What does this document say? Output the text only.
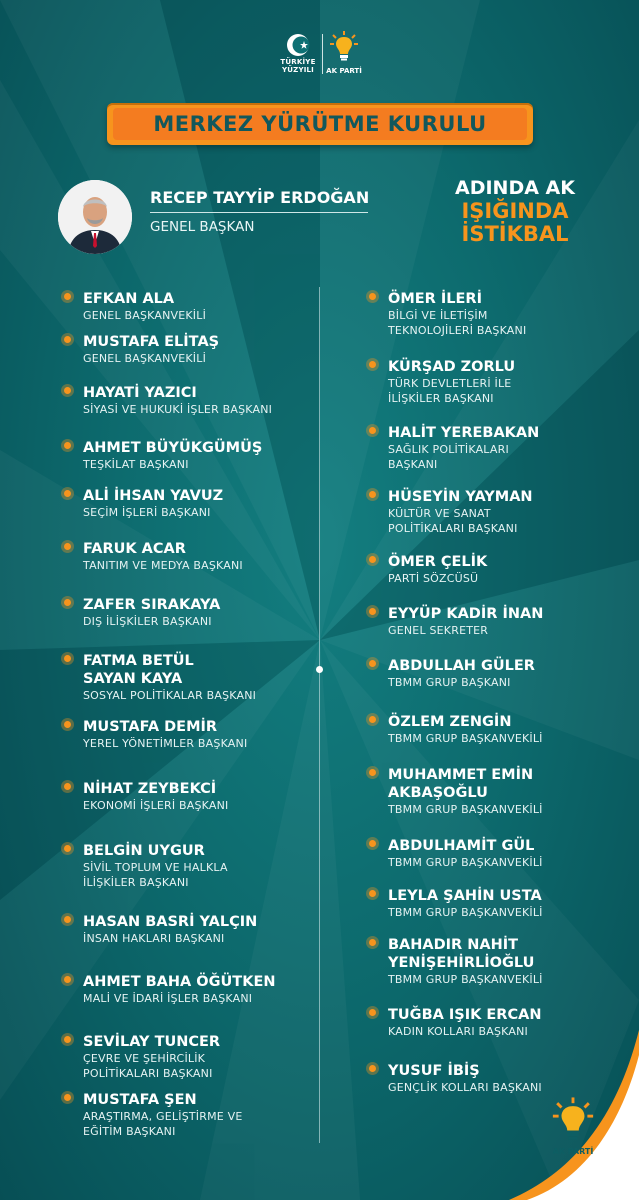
TÜRKİYE
YÜZYILI	AK PARTİ
MERKEZ YÜRÜTME KURULU
RECEP TAYYİP ERDOĞAN
GENEL BAŞKAN
ADINDA AK
IŞIĞINDA
İSTİKBAL
EFKAN ALA
GENEL BAŞKANVEKİLİ
MUSTAFA ELİTAŞ
GENEL BAŞKANVEKİLİ
HAYATİ YAZICI
SİYASİ VE HUKUKİ İŞLER BAŞKANI
AHMET BÜYÜKGÜMÜŞ
TEŞKİLAT BAŞKANI
ALİ İHSAN YAVUZ
SEÇİM İŞLERİ BAŞKANI
FARUK ACAR
TANITIM VE MEDYA BAŞKANI
ZAFER SIRAKAYA
DIŞ İLİŞKİLER BAŞKANI
FATMA BETÜL
SAYAN KAYA
SOSYAL POLİTİKALAR BAŞKANI
MUSTAFA DEMİR
YEREL YÖNETİMLER BAŞKANI
NİHAT ZEYBEKCİ
EKONOMİ İŞLERİ BAŞKANI
BELGİN UYGUR
SİVİL TOPLUM VE HALKLA
İLİŞKİLER BAŞKANI
HASAN BASRİ YALÇIN
İNSAN HAKLARI BAŞKANI
AHMET BAHA ÖĞÜTKEN
MALİ VE İDARİ İŞLER BAŞKANI
SEVİLAY TUNCER
ÇEVRE VE ŞEHİRCİLİK
POLİTİKALARI BAŞKANI
MUSTAFA ŞEN
ARAŞTIRMA, GELİŞTİRME VE
EĞİTİM BAŞKANI
ÖMER İLERİ
BİLGİ VE İLETİŞİM
TEKNOLOJİLERİ BAŞKANI
KÜRŞAD ZORLU
TÜRK DEVLETLERİ İLE
İLİŞKİLER BAŞKANI
HALİT YEREBAKAN
SAĞLIK POLİTİKALARI
BAŞKANI
HÜSEYİN YAYMAN
KÜLTÜR VE SANAT
POLİTİKALARI BAŞKANI
ÖMER ÇELİK
PARTİ SÖZCÜSÜ
EYYÜP KADİR İNAN
GENEL SEKRETER
ABDULLAH GÜLER
TBMM GRUP BAŞKANI
ÖZLEM ZENGİN
TBMM GRUP BAŞKANVEKİLİ
MUHAMMET EMİN
AKBAŞOĞLU
TBMM GRUP BAŞKANVEKİLİ
ABDULHAMİT GÜL
TBMM GRUP BAŞKANVEKİLİ
LEYLA ŞAHİN USTA
TBMM GRUP BAŞKANVEKİLİ
BAHADIR NAHİT
YENİŞEHİRLİOĞLU
TBMM GRUP BAŞKANVEKİLİ
TUĞBA IŞIK ERCAN
KADIN KOLLARI BAŞKANI
YUSUF İBİŞ
GENÇLİK KOLLARI BAŞKANI
AK PARTİ
